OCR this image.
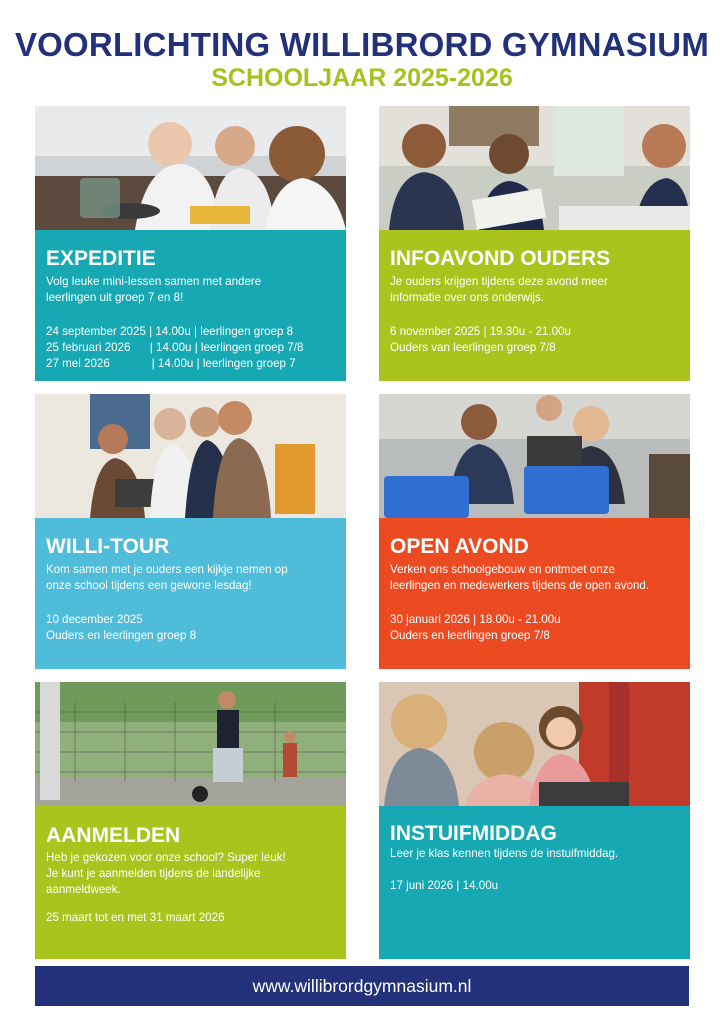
VOORLICHTING WILLIBRORD GYMNASIUM
SCHOOLJAAR 2025-2026
EXPEDITIE
Volg leuke mini-lessen samen met andere
leerlingen uit groep 7 en 8!
24 september 2025 | 14.00u | leerlingen groep 8
25 februari 2026      | 14.00u | leerlingen groep 7/8
27 mei 2026             | 14.00u | leerlingen groep 7
INFOAVOND OUDERS
Je ouders krijgen tijdens deze avond meer
informatie over ons onderwijs.
6 november 2025 | 19.30u - 21.00u
Ouders van leerlingen groep 7/8
WILLI-TOUR
Kom samen met je ouders een kijkje nemen op
onze school tijdens een gewone lesdag!
10 december 2025
Ouders en leerlingen groep 8
OPEN AVOND
Verken ons schoolgebouw en ontmoet onze
leerlingen en medewerkers tijdens de open avond.
30 januari 2026 | 18.00u - 21.00u
Ouders en leerlingen groep 7/8
AANMELDEN
Heb je gekozen voor onze school? Super leuk!
Je kunt je aanmelden tijdens de landelijke
aanmeldweek.
25 maart tot en met 31 maart 2026
INSTUIFMIDDAG
Leer je klas kennen tijdens de instuifmiddag.
17 juni 2026 | 14.00u
www.willibrordgymnasium.nl
